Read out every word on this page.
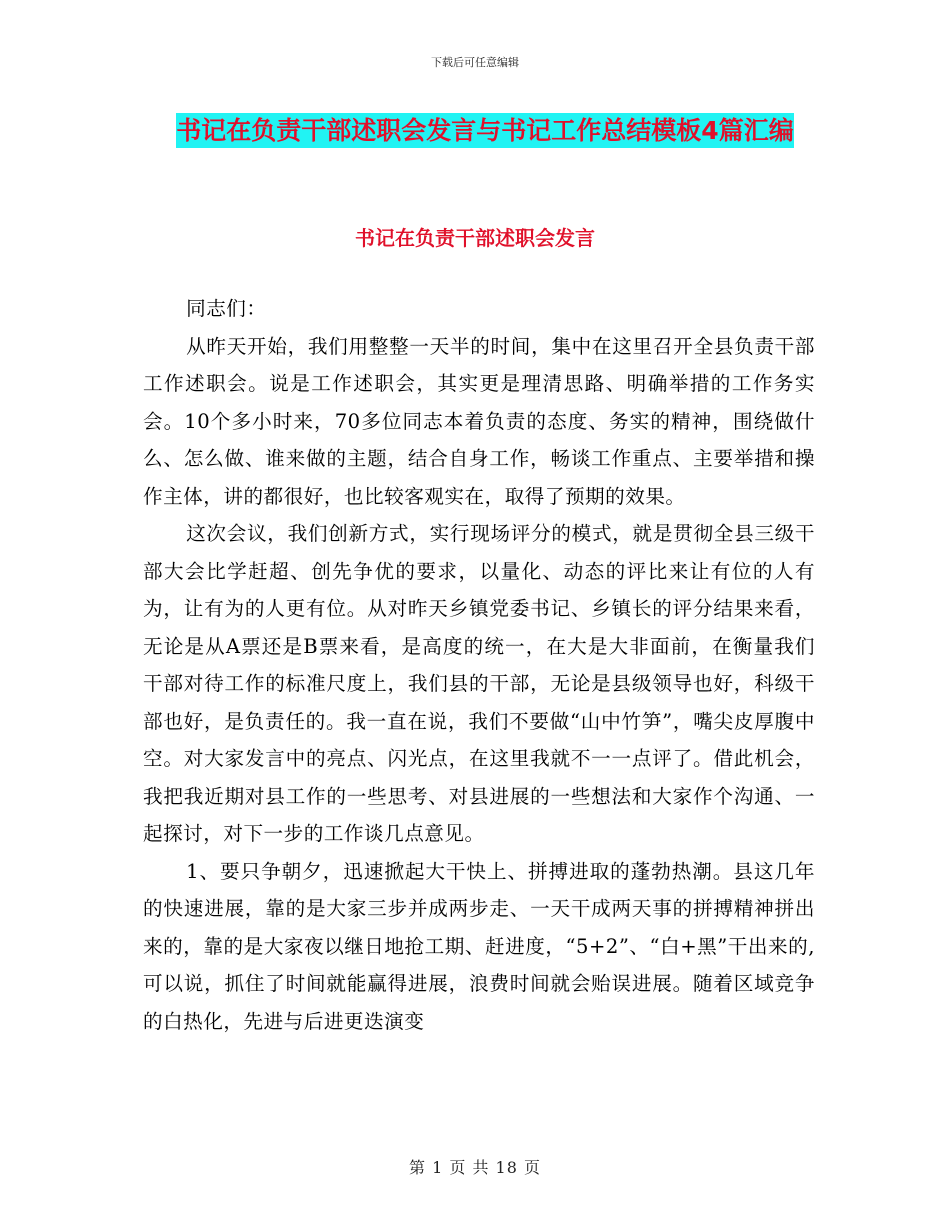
下载后可任意编辑
书记在负责干部述职会发言与书记工作总结模板4篇汇编
书记在负责干部述职会发言

同志们：

从昨天开始，我们用整整一天半的时间，集中在这里召开全县负责干部工作述职会。说是工作述职会，其实更是理清思路、明确举措的工作务实会。10个多小时来，70多位同志本着负责的态度、务实的精神，围绕做什么、怎么做、谁来做的主题，结合自身工作，畅谈工作重点、主要举措和操作主体，讲的都很好，也比较客观实在，取得了预期的效果。

这次会议，我们创新方式，实行现场评分的模式，就是贯彻全县三级干部大会比学赶超、创先争优的要求，以量化、动态的评比来让有位的人有为，让有为的人更有位。从对昨天乡镇党委书记、乡镇长的评分结果来看，无论是从A票还是B票来看，是高度的统一，在大是大非面前，在衡量我们干部对待工作的标准尺度上，我们县的干部，无论是县级领导也好，科级干部也好，是负责任的。我一直在说，我们不要做“山中竹笋”，嘴尖皮厚腹中空。对大家发言中的亮点、闪光点，在这里我就不一一点评了。借此机会，我把我近期对县工作的一些思考、对县进展的一些想法和大家作个沟通、一起探讨，对下一步的工作谈几点意见。

1、要只争朝夕，迅速掀起大干快上、拼搏进取的蓬勃热潮。县这几年的快速进展，靠的是大家三步并成两步走、一天干成两天事的拼搏精神拼出来的，靠的是大家夜以继日地抢工期、赶进度，“5+2”、“白+黑”干出来的,可以说，抓住了时间就能赢得进展，浪费时间就会贻误进展。随着区域竞争的白热化，先进与后进更迭演变

第 1 页 共 18 页
